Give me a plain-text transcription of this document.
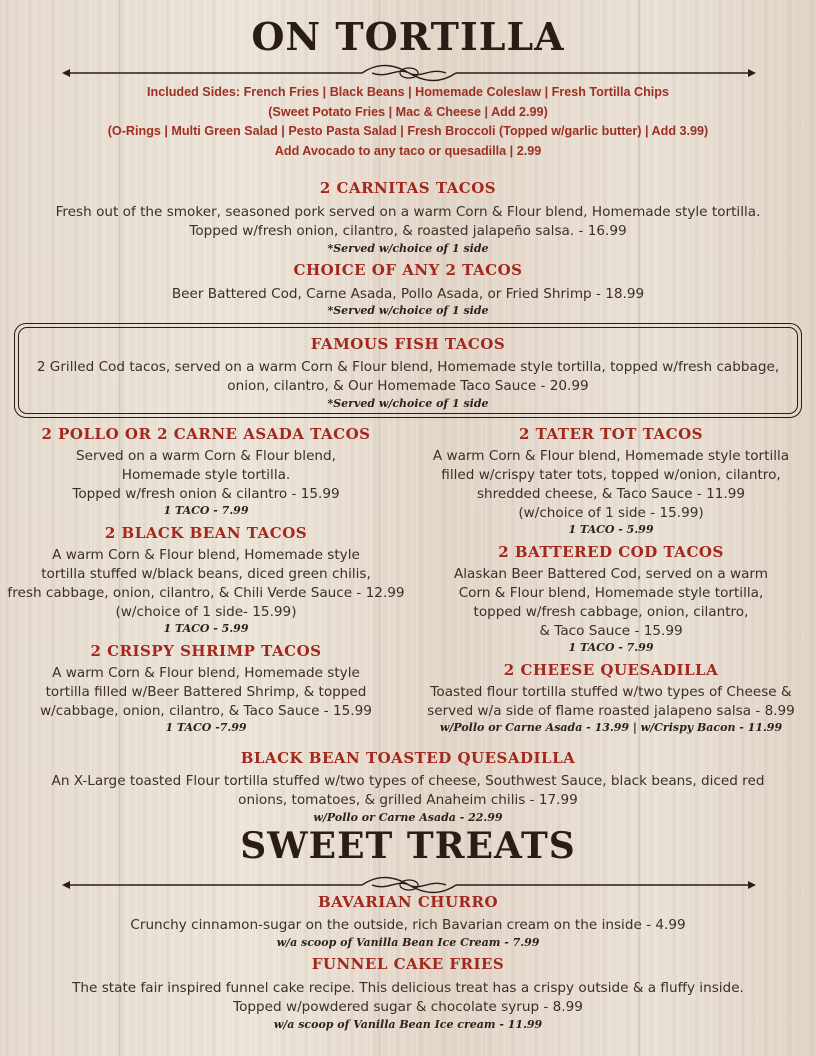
ON TORTILLA
Included Sides: French Fries | Black Beans | Homemade Coleslaw | Fresh Tortilla Chips
(Sweet Potato Fries | Mac & Cheese | Add 2.99)
(O-Rings | Multi Green Salad | Pesto Pasta Salad | Fresh Broccoli (Topped w/garlic butter) | Add 3.99)
Add Avocado to any taco or quesadilla | 2.99
2 CARNITAS TACOS
Fresh out of the smoker, seasoned pork served on a warm Corn & Flour blend, Homemade style tortilla.
Topped w/fresh onion, cilantro, & roasted jalapeño salsa. - 16.99
*Served w/choice of 1 side
CHOICE OF ANY 2 TACOS
Beer Battered Cod, Carne Asada, Pollo Asada, or Fried Shrimp - 18.99
*Served w/choice of 1 side
FAMOUS FISH TACOS
2 Grilled Cod tacos, served on a warm Corn & Flour blend, Homemade style tortilla, topped w/fresh cabbage,
onion, cilantro, & Our Homemade Taco Sauce - 20.99
*Served w/choice of 1 side
2 POLLO OR 2 CARNE ASADA TACOS
Served on a warm Corn & Flour blend,
Homemade style tortilla.
Topped w/fresh onion & cilantro - 15.99
1 TACO - 7.99
2 BLACK BEAN TACOS
A warm Corn & Flour blend, Homemade style
tortilla stuffed w/black beans, diced green chilis,
fresh cabbage, onion, cilantro, & Chili Verde Sauce - 12.99
(w/choice of 1 side- 15.99)
1 TACO - 5.99
2 CRISPY SHRIMP TACOS
A warm Corn & Flour blend, Homemade style
tortilla filled w/Beer Battered Shrimp, & topped
w/cabbage, onion, cilantro, & Taco Sauce - 15.99
1 TACO -7.99
2 TATER TOT TACOS
A warm Corn & Flour blend, Homemade style tortilla
filled w/crispy tater tots, topped w/onion, cilantro,
shredded cheese, & Taco Sauce - 11.99
(w/choice of 1 side - 15.99)
1 TACO - 5.99
2 BATTERED COD TACOS
Alaskan Beer Battered Cod, served on a warm
Corn & Flour blend, Homemade style tortilla,
topped w/fresh cabbage, onion, cilantro,
& Taco Sauce - 15.99
1 TACO - 7.99
2 CHEESE QUESADILLA
Toasted flour tortilla stuffed w/two types of Cheese &
served w/a side of flame roasted jalapeno salsa - 8.99
w/Pollo or Carne Asada - 13.99 | w/Crispy Bacon - 11.99
BLACK BEAN TOASTED QUESADILLA
An X-Large toasted Flour tortilla stuffed w/two types of cheese, Southwest Sauce, black beans, diced red
onions, tomatoes, & grilled Anaheim chilis - 17.99
w/Pollo or Carne Asada - 22.99
SWEET TREATS
BAVARIAN CHURRO
Crunchy cinnamon-sugar on the outside, rich Bavarian cream on the inside - 4.99
w/a scoop of Vanilla Bean Ice Cream - 7.99
FUNNEL CAKE FRIES
The state fair inspired funnel cake recipe. This delicious treat has a crispy outside & a fluffy inside.
Topped w/powdered sugar & chocolate syrup - 8.99
w/a scoop of Vanilla Bean Ice cream - 11.99
